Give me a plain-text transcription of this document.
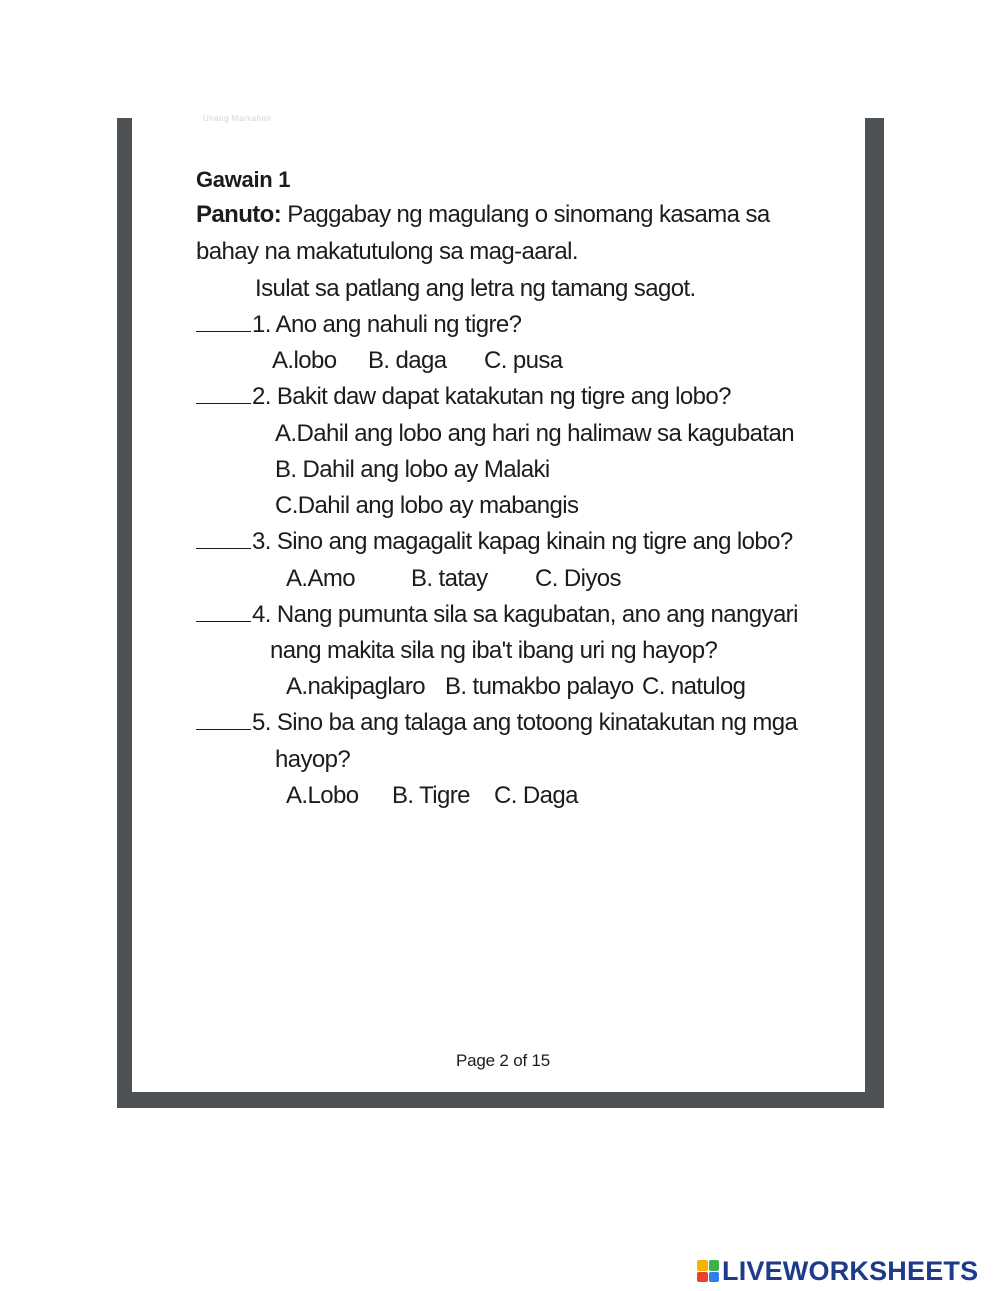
Unang Markahan
Gawain 1
Panuto: Paggabay ng magulang o sinomang kasama sa
bahay na makatutulong sa mag-aaral.
Isulat sa patlang ang letra ng tamang sagot.
1. Ano ang nahuli ng tigre?
A.lobo B. daga C. pusa
2. Bakit daw dapat katakutan ng tigre ang lobo?
A.Dahil ang lobo ang hari ng halimaw sa kagubatan
B. Dahil ang lobo ay Malaki
C.Dahil ang lobo ay mabangis
3. Sino ang magagalit kapag kinain ng tigre ang lobo?
A.Amo B. tatay C. Diyos
4. Nang pumunta sila sa kagubatan, ano ang nangyari
nang makita sila ng iba't ibang uri ng hayop?
A.nakipaglaro B. tumakbo palayo C. natulog
5. Sino ba ang talaga ang totoong kinatakutan ng mga
hayop?
A.Lobo B. Tigre C. Daga
Page 2 of 15
LIVEWORKSHEETS
